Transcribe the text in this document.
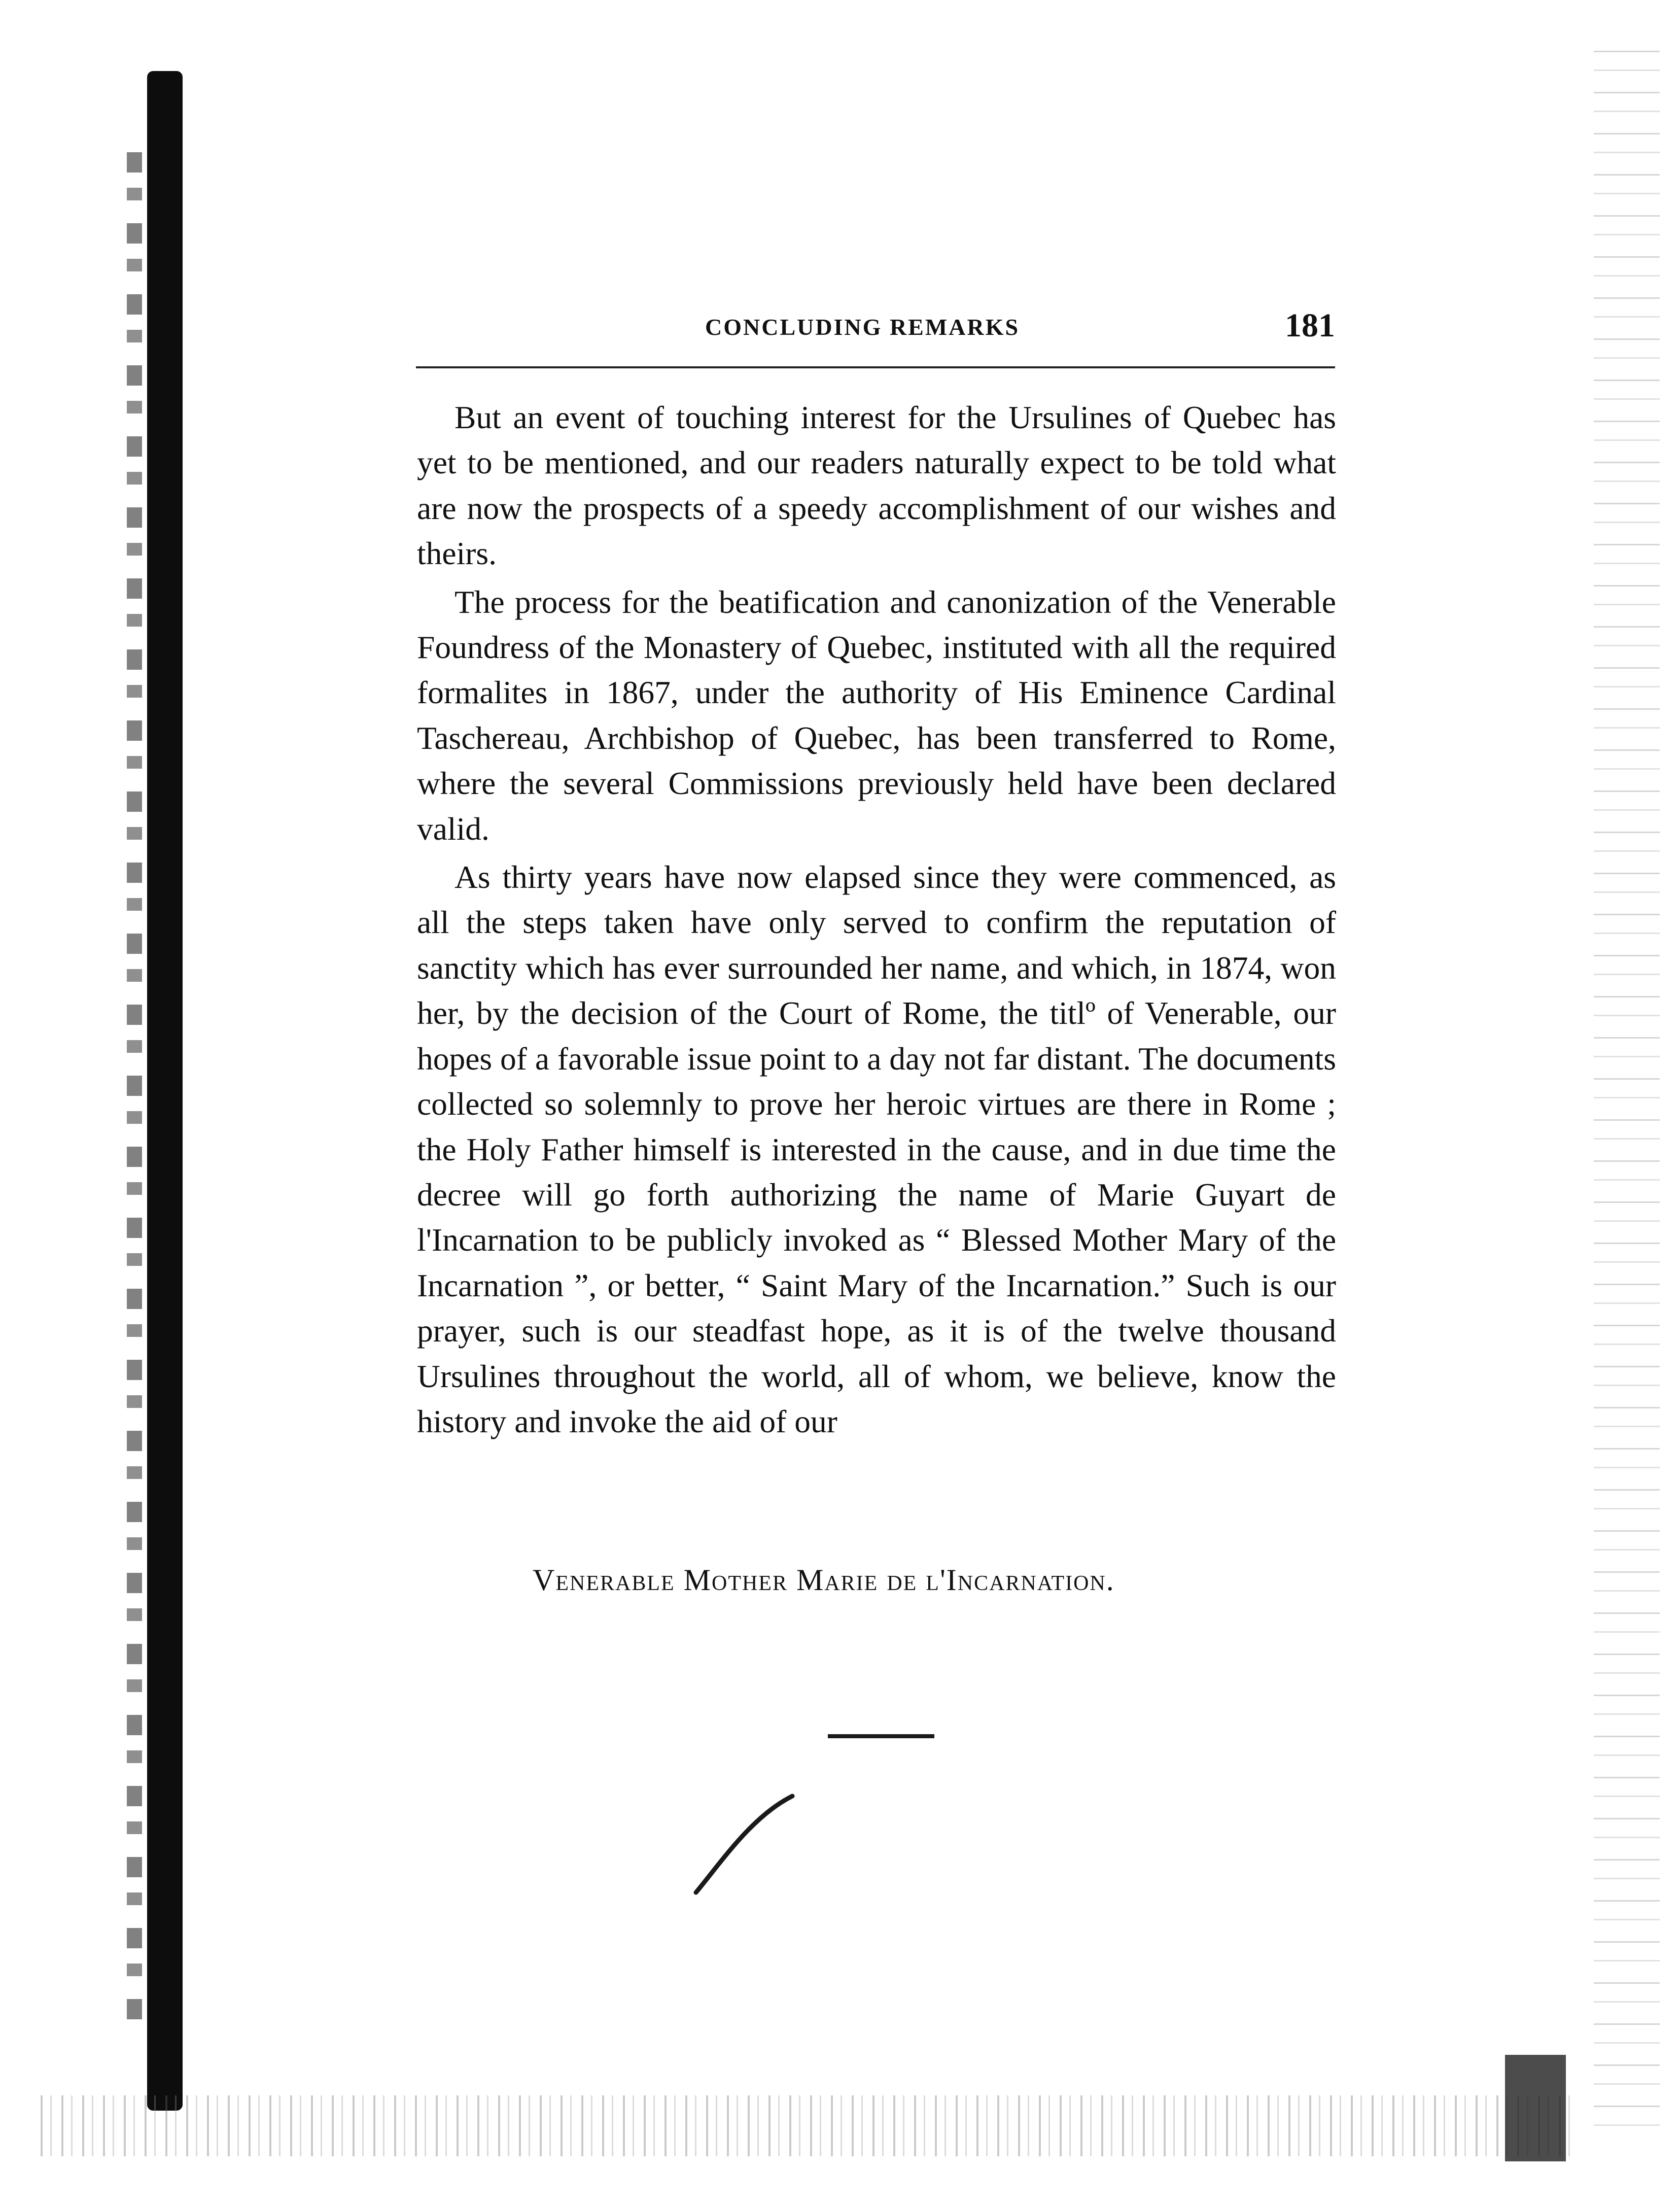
CONCLUDING REMARKS	181

But an event of touching interest for the Ursulines of Quebec has yet to be mentioned, and our readers naturally expect to be told what are now the prospects of a speedy accomplishment of our wishes and theirs.

The process for the beatification and canonization of the Venerable Foundress of the Monastery of Quebec, instituted with all the required formalites in 1867, under the authority of His Eminence Cardinal Taschereau, Archbishop of Quebec, has been transferred to Rome, where the several Commissions previously held have been declared valid.

As thirty years have now elapsed since they were commenced, as all the steps taken have only served to confirm the reputation of sanctity which has ever surrounded her name, and which, in 1874, won her, by the decision of the Court of Rome, the titlº of Venerable, our hopes of a favorable issue point to a day not far distant. The documents collected so solemnly to prove her heroic virtues are there in Rome ; the Holy Father himself is interested in the cause, and in due time the decree will go forth authorizing the name of Marie Guyart de l'Incarnation to be publicly invoked as “ Blessed Mother Mary of the Incarnation ”, or better, “ Saint Mary of the Incarnation.” Such is our prayer, such is our steadfast hope, as it is of the twelve thousand Ursulines throughout the world, all of whom, we believe, know the history and invoke the aid of our

Venerable Mother Marie de l'Incarnation.
